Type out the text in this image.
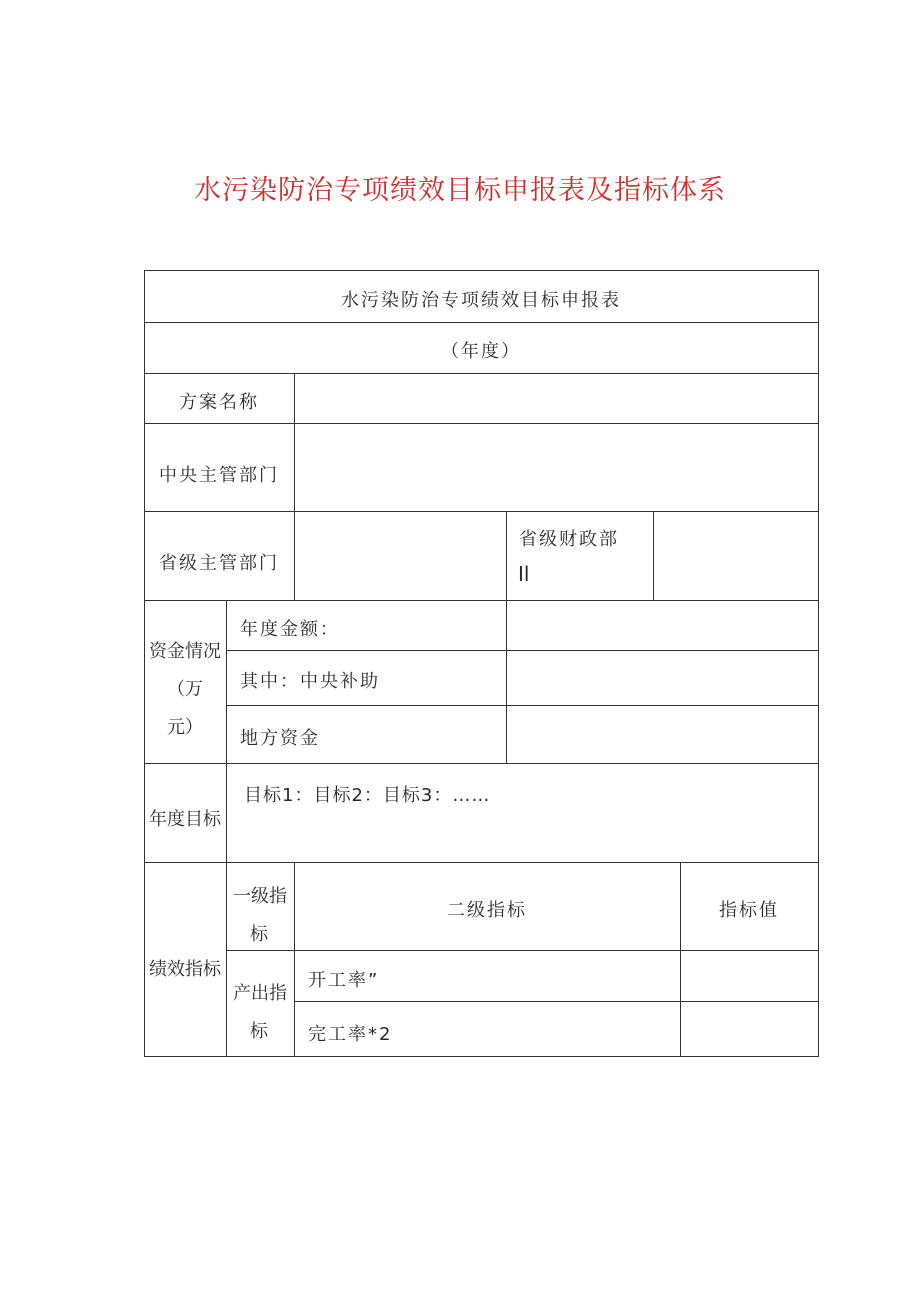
水污染防治专项绩效目标申报表及指标体系
水污染防治专项绩效目标申报表
（年度）
方案名称
中央主管部门
省级主管部门
省级财政部
Il
资金情况
（万
元）
年度金额：
其中：中央补助
地方资金
年度目标
目标1：目标2：目标3：……
绩效指标
一级指
标
二级指标	指标值
产出指
标
开工率”
完工率*2
